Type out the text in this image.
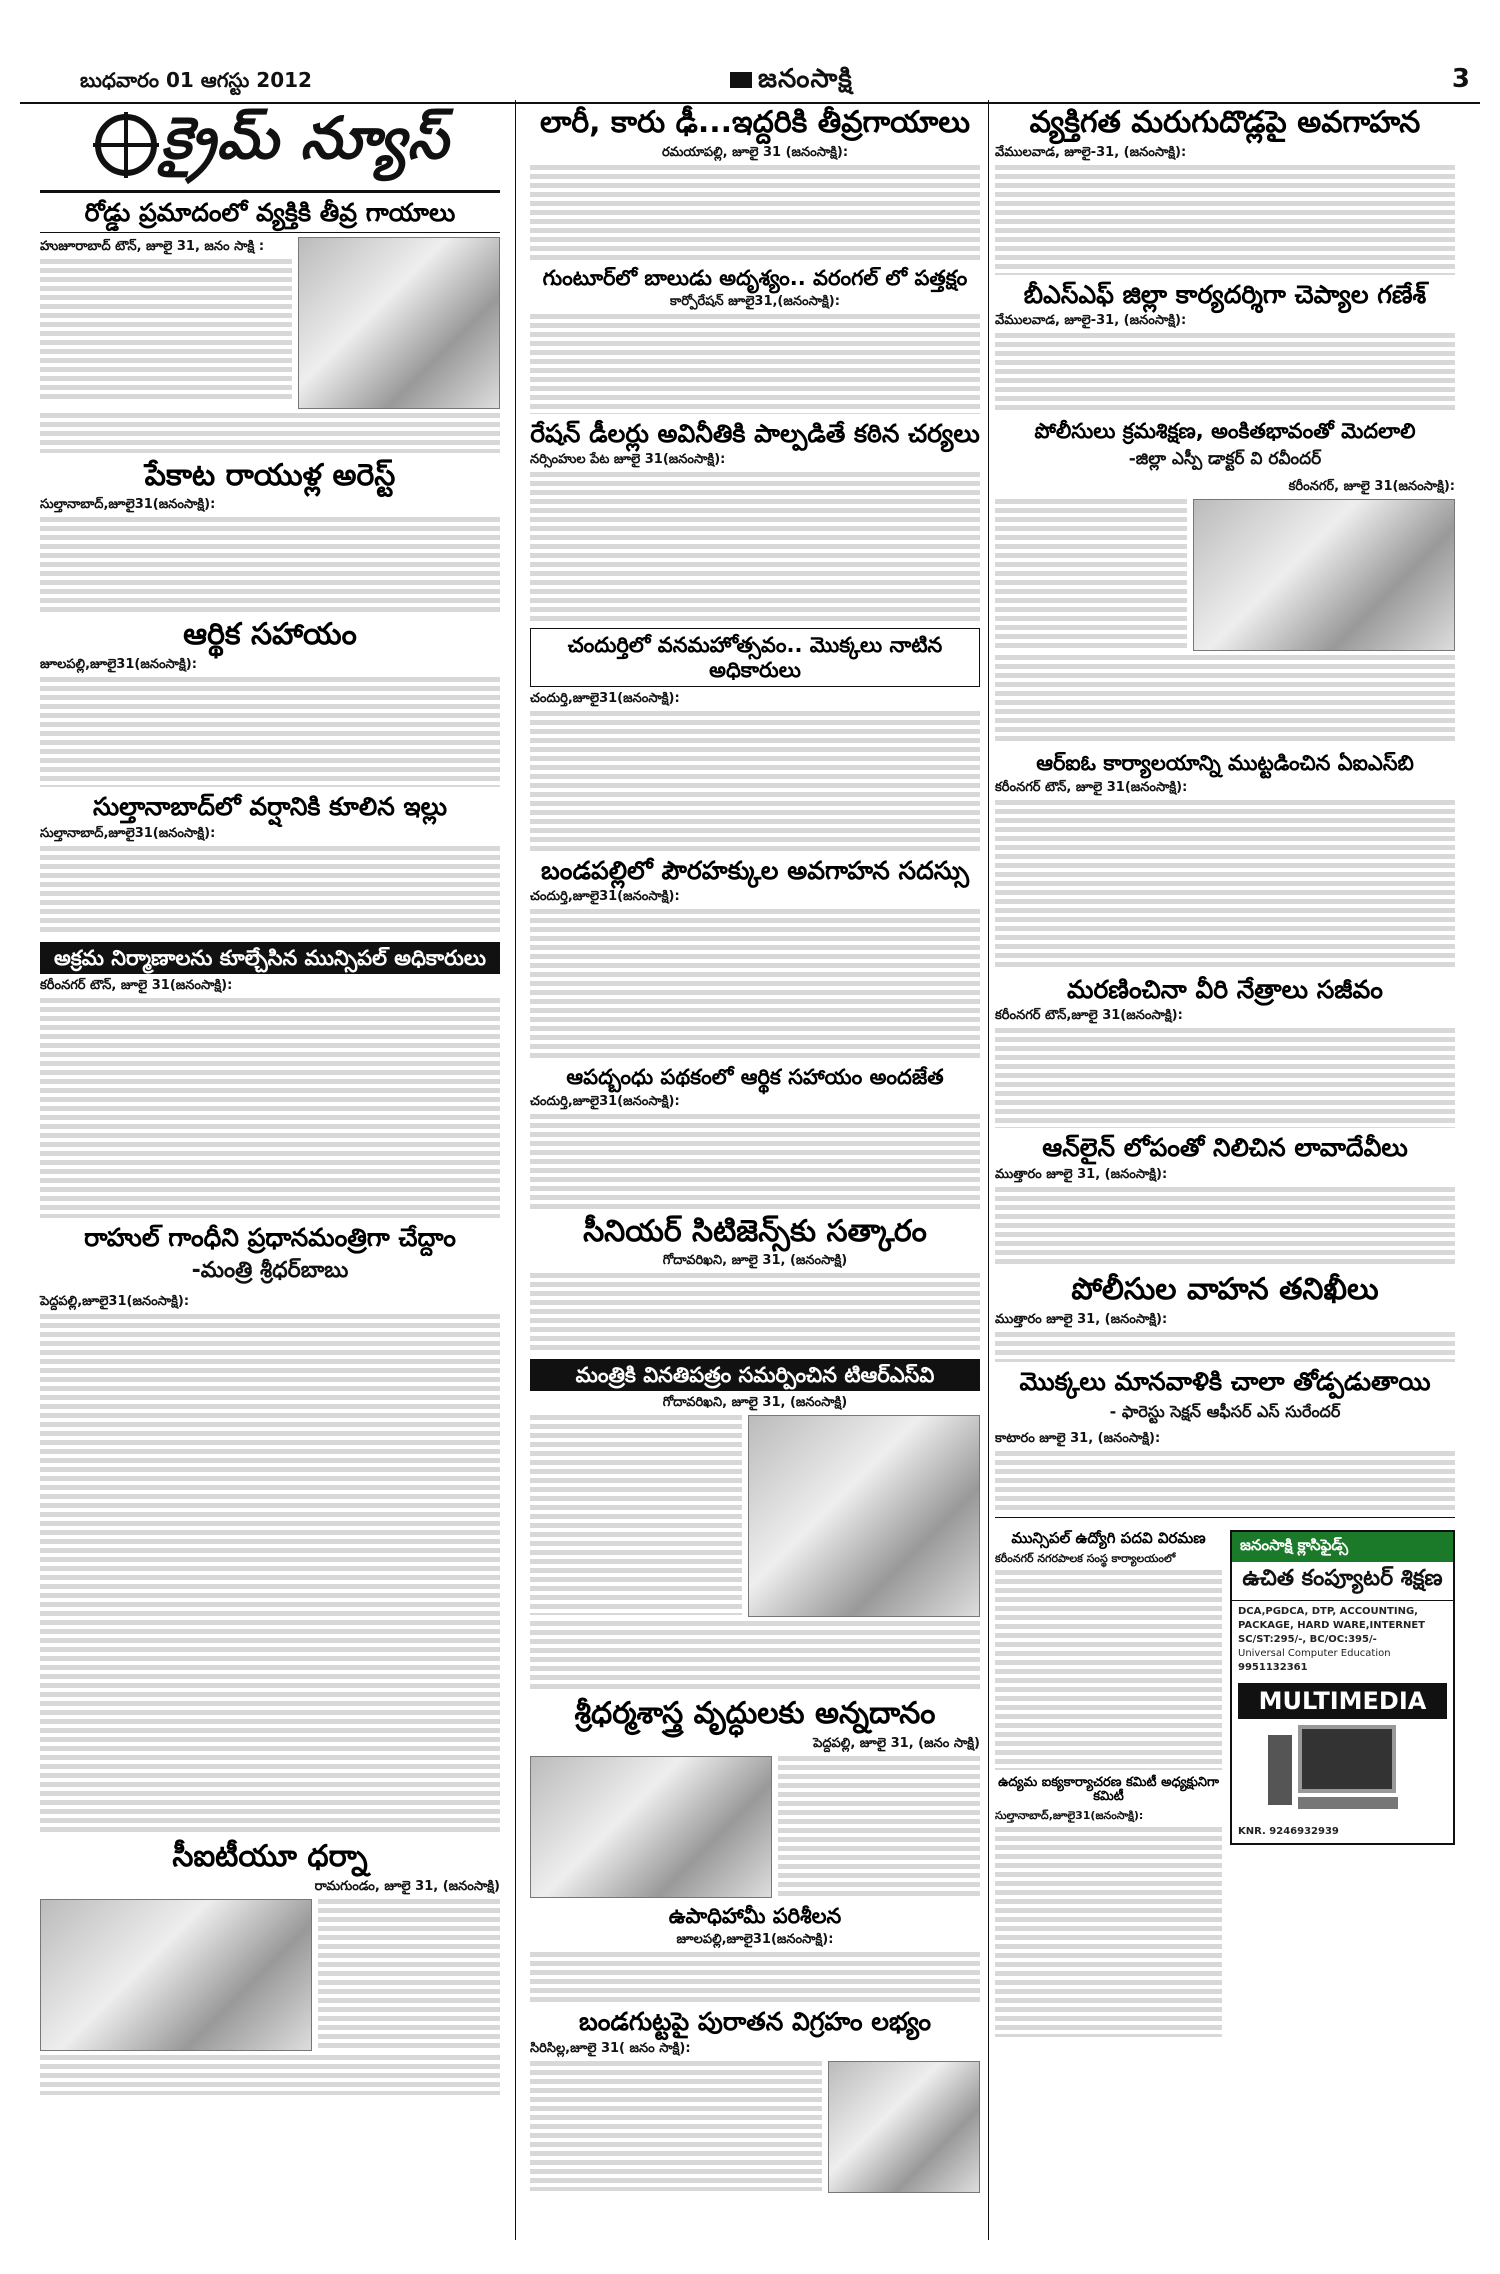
బుధవారం 01 ఆగస్టు 2012	జనంసాక్షి	3
క్రైమ్ న్యూస్
రోడ్డు ప్రమాదంలో వ్యక్తికి తీవ్ర గాయాలు
హుజూరాబాద్ టౌన్, జూలై 31, జనం సాక్షి :
పేకాట రాయుళ్ల అరెస్ట్
సుల్తానాబాద్,జూలై31(జనంసాక్షి):
ఆర్థిక సహాయం
జూలపల్లి,జూలై31(జనంసాక్షి):
సుల్తానాబాద్‌లో వర్షానికి కూలిన ఇల్లు
సుల్తానాబాద్,జూలై31(జనంసాక్షి):
అక్రమ నిర్మాణాలను కూల్చేసిన మున్సిపల్ అధికారులు
కరీంనగర్ టౌన్, జూలై 31(జనంసాక్షి):
రాహుల్ గాంధీని ప్రధానమంత్రిగా చేద్దాం
-మంత్రి శ్రీధర్‌బాబు
పెద్దపల్లి,జూలై31(జనంసాక్షి):
సీఐటీయూ ధర్నా
రామగుండం, జూలై 31, (జనంసాక్షి)
లారీ, కారు ఢీ...ఇద్దరికి తీవ్రగాయాలు
రమయాపల్లి, జూలై 31 (జనంసాక్షి):
గుంటూర్‌లో బాలుడు అదృశ్యం.. వరంగల్ లో పత్తక్షం
కార్పోరేషన్ జూలై31,(జనంసాక్షి):
రేషన్ డీలర్లు అవినీతికి పాల్పడితే కఠిన చర్యలు
నర్సింహుల పేట జూలై 31(జనంసాక్షి):
చందుర్తిలో వనమహోత్సవం.. మొక్కలు నాటిన అధికారులు
చందుర్తి,జూలై31(జనంసాక్షి):
బండపల్లిలో పౌరహక్కుల అవగాహన సదస్సు
చందుర్తి,జూలై31(జనంసాక్షి):
ఆపద్బంధు పథకంలో ఆర్థిక సహాయం అందజేత
చందుర్తి,జూలై31(జనంసాక్షి):
సీనియర్ సిటిజెన్స్‌కు సత్కారం
గోదావరిఖని, జూలై 31, (జనంసాక్షి)
మంత్రికి వినతిపత్రం సమర్పించిన టిఆర్‌ఎస్‌వి
గోదావరిఖని, జూలై 31, (జనంసాక్షి)
శ్రీధర్మశాస్త్ర వృద్ధులకు అన్నదానం
పెద్దపల్లి, జూలై 31, (జనం సాక్షి)
ఉపాధిహామీ పరిశీలన
జూలపల్లి,జూలై31(జనంసాక్షి):
బండగుట్టపై పురాతన విగ్రహం లభ్యం
సిరిసిల్ల,జూలై 31( జనం సాక్షి):
వ్యక్తిగత మరుగుదొడ్లపై అవగాహన
వేములవాడ, జూలై-31, (జనంసాక్షి):
బీఎస్‌ఎఫ్ జిల్లా కార్యదర్శిగా చెప్యాల గణేశ్
వేములవాడ, జూలై-31, (జనంసాక్షి):
పోలీసులు క్రమశిక్షణ, అంకితభావంతో మెదలాలి
-జిల్లా ఎస్పీ డాక్టర్ వి రవీందర్
కరీంనగర్, జూలై 31(జనంసాక్షి):
ఆర్‌ఐఓ కార్యాలయాన్ని ముట్టడించిన ఏఐఎస్‌బి
కరీంనగర్ టౌన్, జూలై 31(జనంసాక్షి):
మరణించినా వీరి నేత్రాలు సజీవం
కరీంనగర్ టౌన్,జూలై 31(జనంసాక్షి):
ఆన్‌లైన్ లోపంతో నిలిచిన లావాదేవీలు
ముత్తారం జూలై 31, (జనంసాక్షి):
పోలీసుల వాహన తనిఖీలు
ముత్తారం జూలై 31, (జనంసాక్షి):
మొక్కలు మానవాళికి చాలా తోడ్పడుతాయి
- ఫారెస్టు సెక్షన్ ఆఫీసర్ ఎస్ సురేందర్
కాటారం జూలై 31, (జనంసాక్షి):
మున్సిపల్ ఉద్యోగి పదవి విరమణ
కరీంనగర్ నగరపాలక సంస్థ కార్యాలయంలో
ఉద్యమ ఐక్యకార్యాచరణ కమిటీ అధ్యక్షునిగా కమిటీ
సుల్తానాబాద్,జూలై31(జనంసాక్షి):
జనంసాక్షి క్లాసిఫైడ్స్
ఉచిత కంప్యూటర్ శిక్షణ
DCA,PGDCA, DTP, ACCOUNTING, PACKAGE, HARD WARE,INTERNET
SC/ST:295/-, BC/OC:395/-
Universal Computer Education
9951132361
MULTIMEDIA
KNR. 9246932939
